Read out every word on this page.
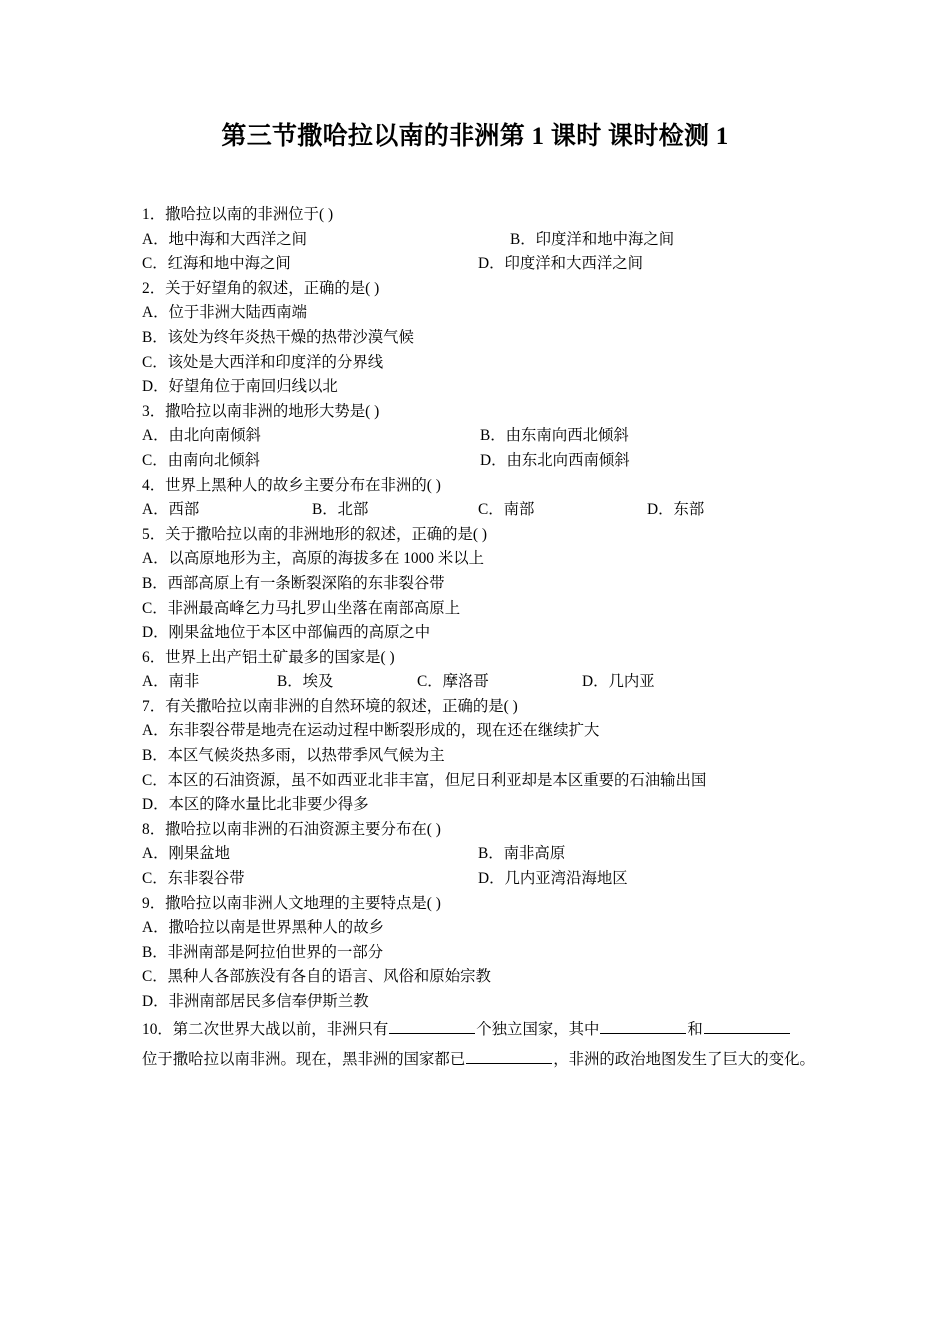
第三节撒哈拉以南的非洲第 1 课时 课时检测 1
1．撒哈拉以南的非洲位于( )
A．地中海和大西洋之间	B．印度洋和地中海之间
C．红海和地中海之间	D．印度洋和大西洋之间
2．关于好望角的叙述，正确的是( )
A．位于非洲大陆西南端
B．该处为终年炎热干燥的热带沙漠气候
C．该处是大西洋和印度洋的分界线
D．好望角位于南回归线以北
3．撒哈拉以南非洲的地形大势是( )
A．由北向南倾斜	B．由东南向西北倾斜
C．由南向北倾斜	D．由东北向西南倾斜
4．世界上黑种人的故乡主要分布在非洲的( )
A．西部	B．北部	C．南部	D．东部
5．关于撒哈拉以南的非洲地形的叙述，正确的是( )
A．以高原地形为主，高原的海拔多在 1000 米以上
B．西部高原上有一条断裂深陷的东非裂谷带
C．非洲最高峰乞力马扎罗山坐落在南部高原上
D．刚果盆地位于本区中部偏西的高原之中
6．世界上出产铝土矿最多的国家是( )
A．南非	B．埃及	C．摩洛哥	D．几内亚
7．有关撒哈拉以南非洲的自然环境的叙述，正确的是( )
A．东非裂谷带是地壳在运动过程中断裂形成的，现在还在继续扩大
B．本区气候炎热多雨，以热带季风气候为主
C．本区的石油资源，虽不如西亚北非丰富，但尼日利亚却是本区重要的石油输出国
D．本区的降水量比北非要少得多
8．撒哈拉以南非洲的石油资源主要分布在( )
A．刚果盆地	B．南非高原
C．东非裂谷带	D．几内亚湾沿海地区
9．撒哈拉以南非洲人文地理的主要特点是( )
A．撒哈拉以南是世界黑种人的故乡
B．非洲南部是阿拉伯世界的一部分
C．黑种人各部族没有各自的语言、风俗和原始宗教
D．非洲南部居民多信奉伊斯兰教
10．第二次世界大战以前，非洲只有	个独立国家，其中	和位于撒哈拉以南非洲。现在，黑非洲的国家都已	，非洲的政治地图发生了巨大的变化。
